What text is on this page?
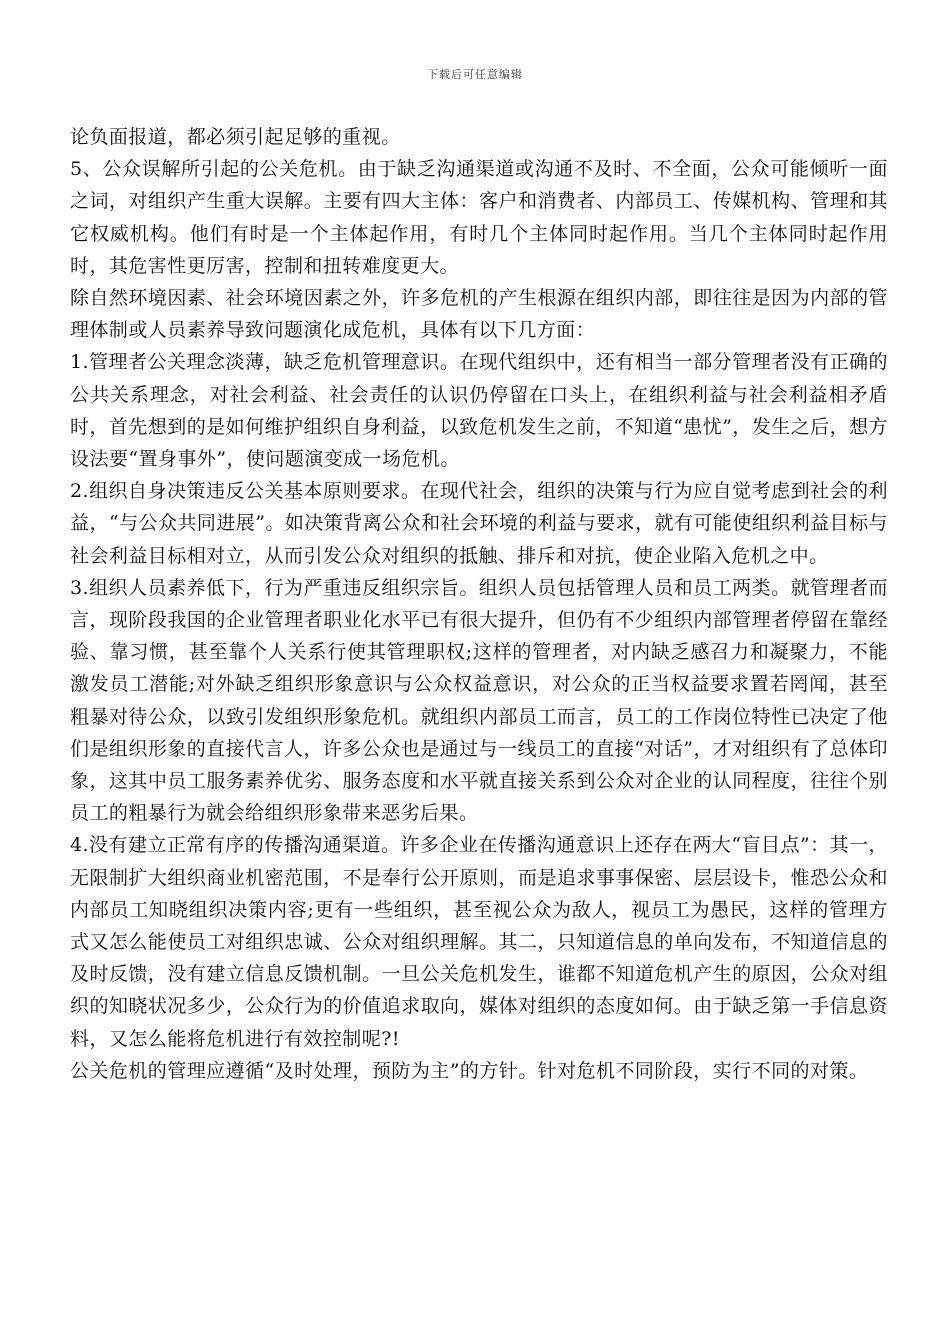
下载后可任意编辑

论负面报道，都必须引起足够的重视。

5、公众误解所引起的公关危机。由于缺乏沟通渠道或沟通不及时、不全面，公众可能倾听一面之词，对组织产生重大误解。主要有四大主体：客户和消费者、内部员工、传媒机构、管理和其它权威机构。他们有时是一个主体起作用，有时几个主体同时起作用。当几个主体同时起作用时，其危害性更厉害，控制和扭转难度更大。

除自然环境因素、社会环境因素之外，许多危机的产生根源在组织内部，即往往是因为内部的管理体制或人员素养导致问题演化成危机，具体有以下几方面：

1.管理者公关理念淡薄，缺乏危机管理意识。在现代组织中，还有相当一部分管理者没有正确的公共关系理念，对社会利益、社会责任的认识仍停留在口头上，在组织利益与社会利益相矛盾时，首先想到的是如何维护组织自身利益，以致危机发生之前，不知道“患忧”，发生之后，想方设法要“置身事外”，使问题演变成一场危机。

2.组织自身决策违反公关基本原则要求。在现代社会，组织的决策与行为应自觉考虑到社会的利益，“与公众共同进展”。如决策背离公众和社会环境的利益与要求，就有可能使组织利益目标与社会利益目标相对立，从而引发公众对组织的抵触、排斥和对抗，使企业陷入危机之中。

3.组织人员素养低下，行为严重违反组织宗旨。组织人员包括管理人员和员工两类。就管理者而言，现阶段我国的企业管理者职业化水平已有很大提升，但仍有不少组织内部管理者停留在靠经验、靠习惯，甚至靠个人关系行使其管理职权;这样的管理者，对内缺乏感召力和凝聚力，不能激发员工潜能;对外缺乏组织形象意识与公众权益意识，对公众的正当权益要求置若罔闻，甚至粗暴对待公众，以致引发组织形象危机。就组织内部员工而言，员工的工作岗位特性已决定了他们是组织形象的直接代言人，许多公众也是通过与一线员工的直接“对话”，才对组织有了总体印象，这其中员工服务素养优劣、服务态度和水平就直接关系到公众对企业的认同程度，往往个别员工的粗暴行为就会给组织形象带来恶劣后果。

4.没有建立正常有序的传播沟通渠道。许多企业在传播沟通意识上还存在两大“盲目点”：其一，无限制扩大组织商业机密范围，不是奉行公开原则，而是追求事事保密、层层设卡，惟恐公众和内部员工知晓组织决策内容;更有一些组织，甚至视公众为敌人，视员工为愚民，这样的管理方式又怎么能使员工对组织忠诚、公众对组织理解。其二，只知道信息的单向发布，不知道信息的及时反馈，没有建立信息反馈机制。一旦公关危机发生，谁都不知道危机产生的原因，公众对组织的知晓状况多少，公众行为的价值追求取向，媒体对组织的态度如何。由于缺乏第一手信息资料，又怎么能将危机进行有效控制呢?!

公关危机的管理应遵循“及时处理，预防为主”的方针。针对危机不同阶段，实行不同的对策。
